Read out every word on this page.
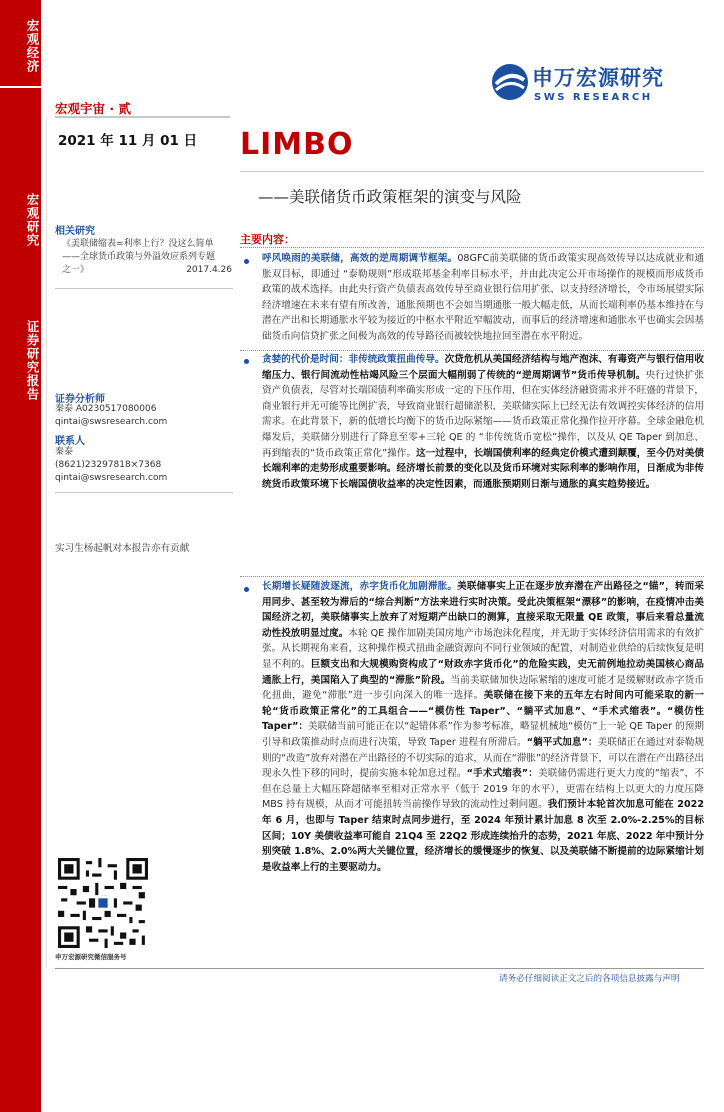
宏观经济
宏观研究
证券研究报告
申万宏源研究
SWS RESEARCH
宏观宇宙 · 贰
2021 年 11 月 01 日 LIMBO
——美联储货币政策框架的演变与风险
相关研究
《美联储缩表=利率上行？没这么简单
——全球货币政策与外溢效应系列专题
之一》	2017.4.26
证券分析师
秦泰 A0230517080006
qintai@swsresearch.com
联系人
秦泰
(8621)23297818×7368
qintai@swsresearch.com
实习生杨起帆对本报告亦有贡献
申万宏源研究微信服务号
主要内容：
呼风唤雨的美联储，高效的逆周期调节框架。08GFC前美联储的货币政策实现高效传导以达成就业和通胀双目标，即通过 “泰勒规则”形成联邦基金利率目标水平，并由此决定公开市场操作的规模而形成货币政策的战术选择。由此央行资产负债表高效传导至商业银行信用扩张、以支持经济增长，令市场展望实际经济增速在未来有望有所改善，通胀预期也不会如当期通胀一般大幅走低，从而长端利率仍基本维持在与潜在产出和长期通胀水平较为接近的中枢水平附近窄幅波动，而事后的经济增速和通胀水平也确实会因基础货币向信贷扩张之间极为高效的传导路径而被较快地拉回至潜在水平附近。
贪婪的代价是时间：非传统政策扭曲传导。次贷危机从美国经济结构与地产泡沫、有毒资产与银行信用收缩压力、银行间流动性枯竭风险三个层面大幅削弱了传统的“逆周期调节”货币传导机制。央行过快扩张资产负债表，尽管对长端国债利率确实形成一定的下压作用，但在实体经济融资需求并不旺盛的背景下，商业银行并无可能等比例扩表，导致商业银行超储淤积，美联储实际上已经无法有效调控实体经济的信用需求。在此背景下，新的低增长均衡下的货币边际紧缩——货币政策正常化操作拉开序幕。全球金融危机爆发后，美联储分别进行了降息至零+三轮 QE 的 “非传统货币宽松”操作，以及从 QE Taper 到加息、再到缩表的“货币政策正常化”操作。这一过程中，长端国债利率的经典定价模式遭到颠覆，至今仍对美债长端利率的走势形成重要影响。经济增长前景的变化以及货币环境对实际利率的影响作用，日渐成为非传统货币政策环境下长端国债收益率的决定性因素，而通胀预期则日渐与通胀的真实趋势接近。
长期增长疑随波逐流，赤字货币化加剧滞胀。美联储事实上正在逐步放弃潜在产出路径之“锚”，转而采用同步、甚至较为滞后的“综合判断”方法来进行实时决策。受此决策框架“漂移”的影响，在疫情冲击美国经济之初，美联储事实上放弃了对短期产出缺口的测算，直接采取无限量 QE 政策，事后来看总量流动性投放明显过度。本轮 QE 操作加剧美国房地产市场泡沫化程度，并无助于实体经济信用需求的有效扩张。从长期视角来看，这种操作模式扭曲金融资源向不同行业领域的配置，对制造业供给的后续恢复是明显不利的。巨额支出和大规模购资构成了“财政赤字货币化”的危险实践，史无前例地拉动美国核心商品通胀上行，美国陷入了典型的“滞胀”阶段。当前美联储加快边际紧缩的速度可能才是缓解财政赤字货币化扭曲，避免“滞胀”进一步引向深入的唯一选择。美联储在接下来的五年左右时间内可能采取的新一轮“货币政策正常化”的工具组合——“模仿性 Taper”、“躺平式加息”、“手术式缩表”。“模仿性 Taper”：美联储当前可能正在以“起错体系”作为参考标准，略显机械地“模仿”上一轮 QE Taper 的预期引导和政策推动时点而进行决策，导致 Taper 进程有所滞后。“躺平式加息”：美联储正在通过对泰勒规则的“改造”放弃对潜在产出路径的不切实际的追求，从而在“滞胀”的经济背景下，可以在潜在产出路径出现永久性下移的同时，提前实施本轮加息过程。“手术式缩表”：美联储仍需进行更大力度的“缩表”，不但在总量上大幅压降超储率至相对正常水平（低于 2019 年的水平），更需在结构上以更大的力度压降 MBS 持有规模，从而才可能扭转当前操作导致的流动性过剩问题。我们预计本轮首次加息可能在 2022 年 6 月，也即与 Taper 结束时点同步进行，至 2024 年预计累计加息 8 次至 2.0%-2.25%的目标区间；10Y 美债收益率可能自 21Q4 至 22Q2 形成连续抬升的态势，2021 年底、2022 年中预计分别突破 1.8%、2.0%两大关键位置，经济增长的缓慢逐步的恢复、以及美联储不断提前的边际紧缩计划是收益率上行的主要驱动力。
请务必仔细阅读正文之后的各项信息披露与声明
